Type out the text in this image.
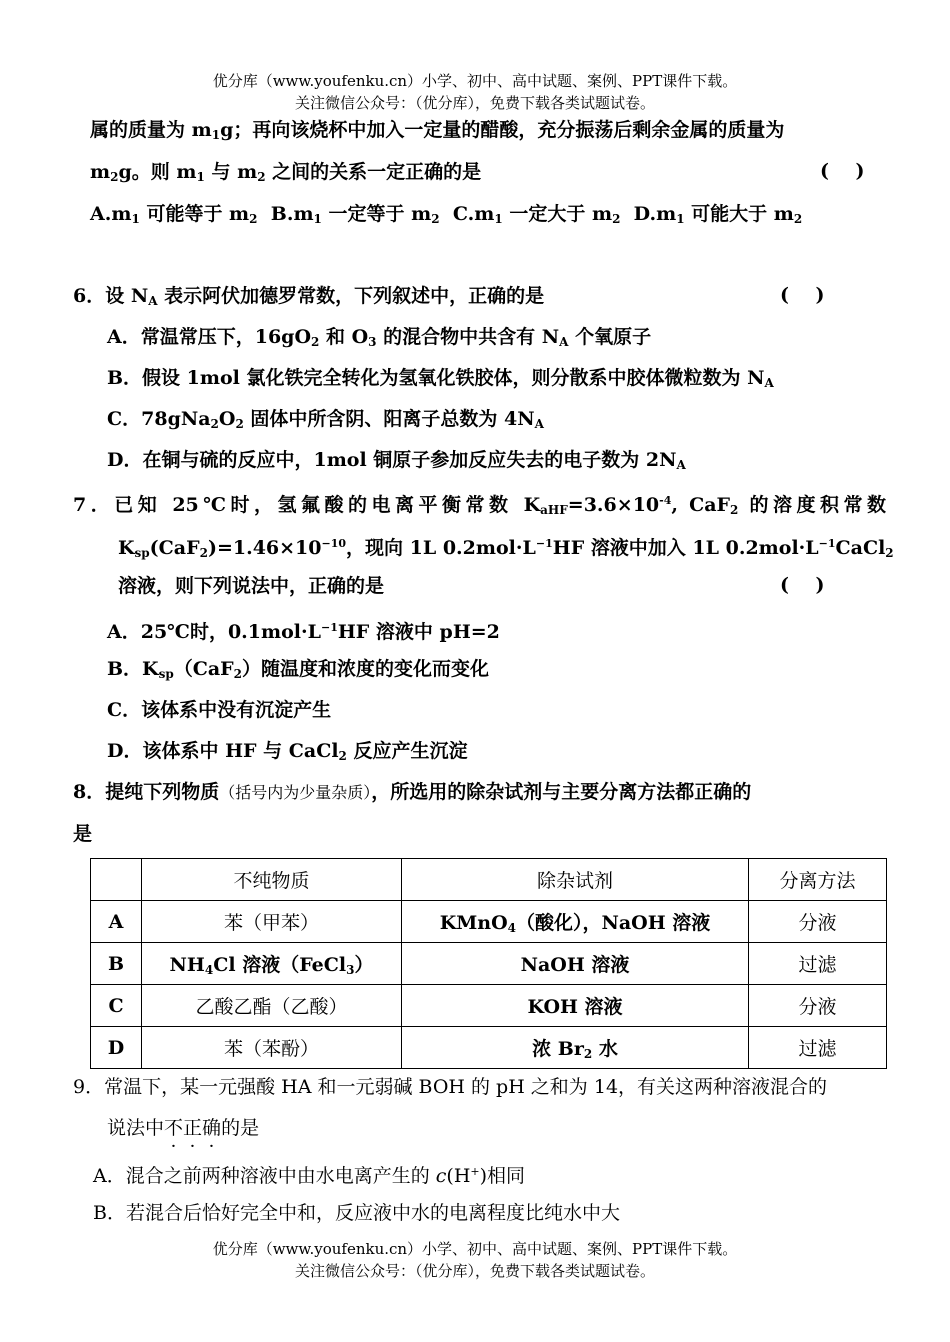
优分库（www.youfenku.cn）小学、初中、高中试题、案例、PPT课件下载。
关注微信公众号：（优分库），免费下载各类试题试卷。
属的质量为 $m_1g$；再向该烧杯中加入一定量的醋酸，充分振荡后剩余金属的质量为
$m_2g$。则 $m_1$ 与 $m_2$ 之间的关系一定正确的是	(    )
$A.m_1$ 可能等于 $m_2$ $B.m_1$ 一定等于 $m_2$ $C.m_1$ 一定大于 $m_2$ $D.m_1$ 可能大于 $m_2$
6．设 $N_A$ 表示阿伏加德罗常数，下列叙述中，正确的是	(    )
A．常温常压下，$16gO_2$ 和 $O_3$ 的混合物中共含有 $N_A$ 个氧原子
B．假设 1mol 氯化铁完全转化为氢氧化铁胶体，则分散系中胶体微粒数为 $N_A$
C．$78gNa_2O_2$ 固体中所含阴、阳离子总数为 $4N_A$
D．在铜与硫的反应中，1mol 铜原子参加反应失去的电子数为 $2N_A$
7．已知 25℃时，氢氟酸的电离平衡常数 $K_{aHF}=3.6\times 10^{-4}$, CaF$_2$ 的溶度积常数
$K_{sp}(CaF_2)=1.46\times 10^{-10}$，现向 1L $0.2mol\cdot L^{-1}HF$ 溶液中加入 1L $0.2mol\cdot L^{-1}CaCl_2$
溶液，则下列说法中，正确的是	(    )
A．25℃时，$0.1mol\cdot L^{-1}HF$ 溶液中 pH=2
B．$K_{sp}(CaF_2)$随温度和浓度的变化而变化
C．该体系中没有沉淀产生
D．该体系中 HF 与 CaCl$_2$ 反应产生沉淀
8．提纯下列物质（括号内为少量杂质），所选用的除杂试剂与主要分离方法都正确的
是
	不纯物质	除杂试剂	分离方法
A	苯（甲苯）	KMnO$_4$（酸化），NaOH 溶液	分液
B	$NH_4Cl$ 溶液（FeCl$_3$）	NaOH 溶液	过滤
C	乙酸乙酯（乙酸）	KOH 溶液	分液
D	苯（苯酚）	浓 $Br_2$ 水	过滤
9．常温下，某一元强酸 HA 和一元弱碱 BOH 的 pH 之和为 14，有关这两种溶液混合的
说法中不正确的是
A．混合之前两种溶液中由水电离产生的 c(H+)相同
B．若混合后恰好完全中和，反应液中水的电离程度比纯水中大
优分库（www.youfenku.cn）小学、初中、高中试题、案例、PPT课件下载。
关注微信公众号：（优分库），免费下载各类试题试卷。
